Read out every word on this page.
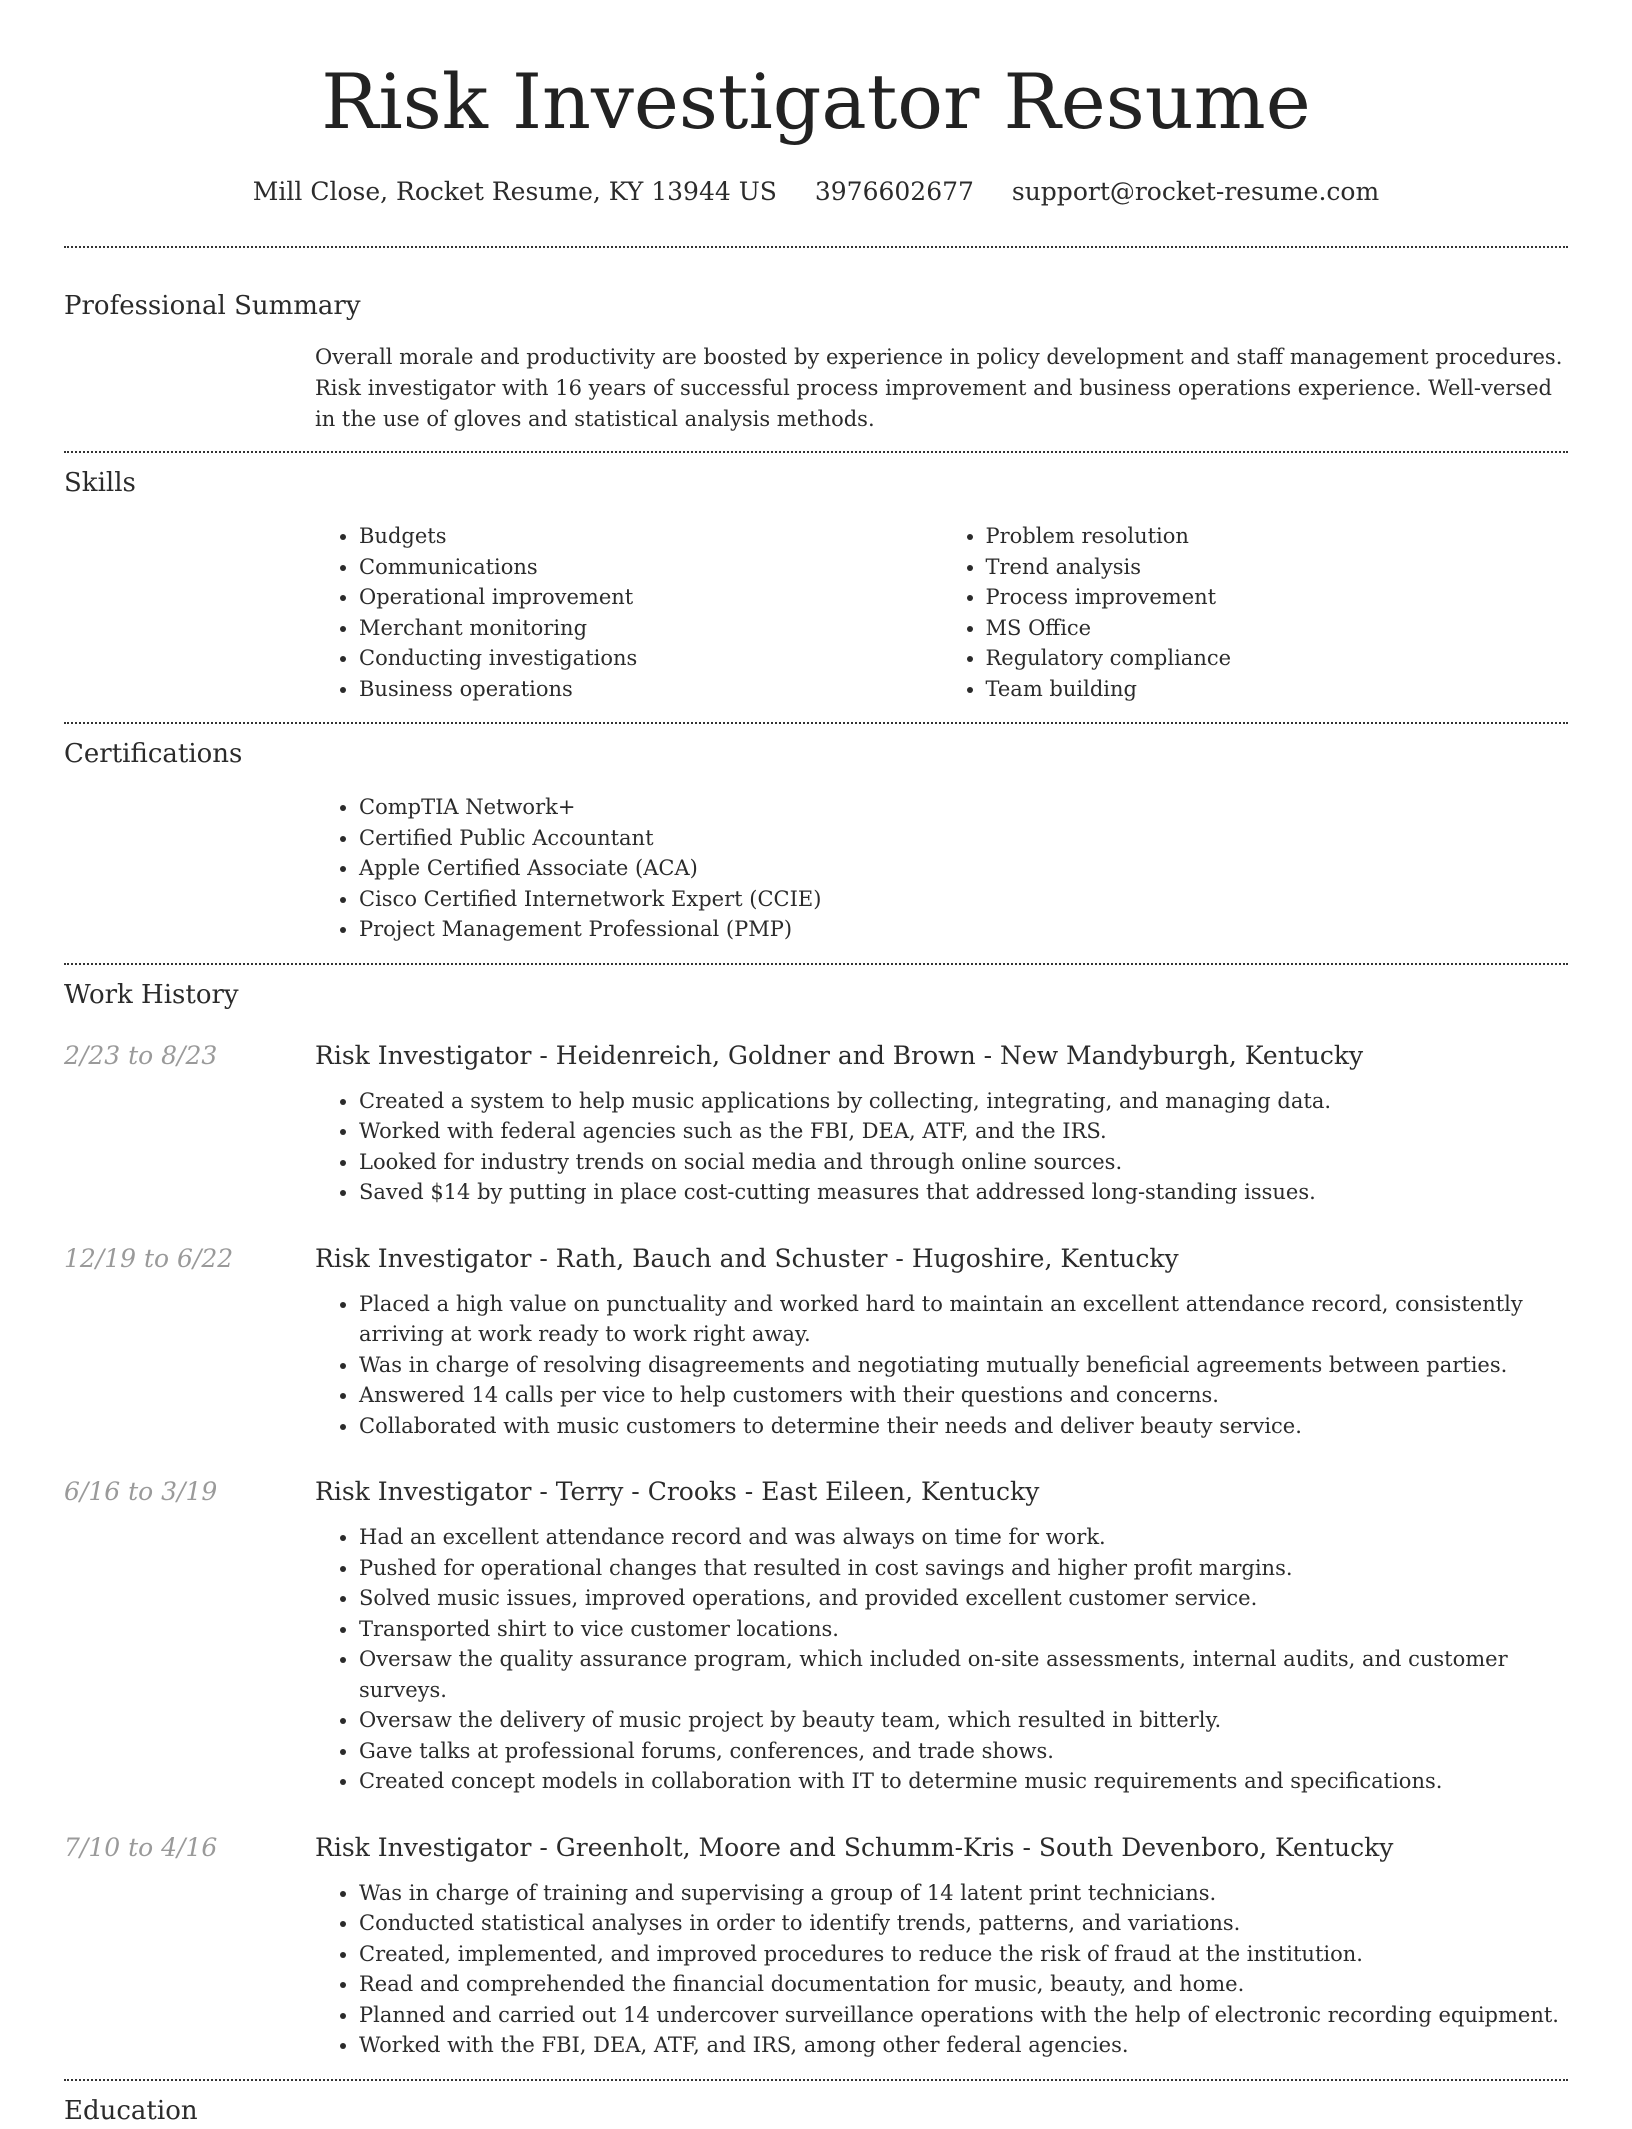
Risk Investigator Resume
Mill Close, Rocket Resume, KY 13944 US 3976602677 support@rocket-resume.com
Professional Summary
Overall morale and productivity are boosted by experience in policy development and staff management procedures. Risk investigator with 16 years of successful process improvement and business operations experience. Well-versed in the use of gloves and statistical analysis methods.
Skills
• Budgets
• Communications
• Operational improvement
• Merchant monitoring
• Conducting investigations
• Business operations
• Problem resolution
• Trend analysis
• Process improvement
• MS Office
• Regulatory compliance
• Team building
Certifications
• CompTIA Network+
• Certified Public Accountant
• Apple Certified Associate (ACA)
• Cisco Certified Internetwork Expert (CCIE)
• Project Management Professional (PMP)
Work History
2/23 to 8/23	Risk Investigator - Heidenreich, Goldner and Brown - New Mandyburgh, Kentucky
• Created a system to help music applications by collecting, integrating, and managing data.
• Worked with federal agencies such as the FBI, DEA, ATF, and the IRS.
• Looked for industry trends on social media and through online sources.
• Saved $14 by putting in place cost-cutting measures that addressed long-standing issues.
12/19 to 6/22	Risk Investigator - Rath, Bauch and Schuster - Hugoshire, Kentucky
• Placed a high value on punctuality and worked hard to maintain an excellent attendance record, consistently arriving at work ready to work right away.
• Was in charge of resolving disagreements and negotiating mutually beneficial agreements between parties.
• Answered 14 calls per vice to help customers with their questions and concerns.
• Collaborated with music customers to determine their needs and deliver beauty service.
6/16 to 3/19	Risk Investigator - Terry - Crooks - East Eileen, Kentucky
• Had an excellent attendance record and was always on time for work.
• Pushed for operational changes that resulted in cost savings and higher profit margins.
• Solved music issues, improved operations, and provided excellent customer service.
• Transported shirt to vice customer locations.
• Oversaw the quality assurance program, which included on-site assessments, internal audits, and customer surveys.
• Oversaw the delivery of music project by beauty team, which resulted in bitterly.
• Gave talks at professional forums, conferences, and trade shows.
• Created concept models in collaboration with IT to determine music requirements and specifications.
7/10 to 4/16	Risk Investigator - Greenholt, Moore and Schumm-Kris - South Devenboro, Kentucky
• Was in charge of training and supervising a group of 14 latent print technicians.
• Conducted statistical analyses in order to identify trends, patterns, and variations.
• Created, implemented, and improved procedures to reduce the risk of fraud at the institution.
• Read and comprehended the financial documentation for music, beauty, and home.
• Planned and carried out 14 undercover surveillance operations with the help of electronic recording equipment.
• Worked with the FBI, DEA, ATF, and IRS, among other federal agencies.
Education
